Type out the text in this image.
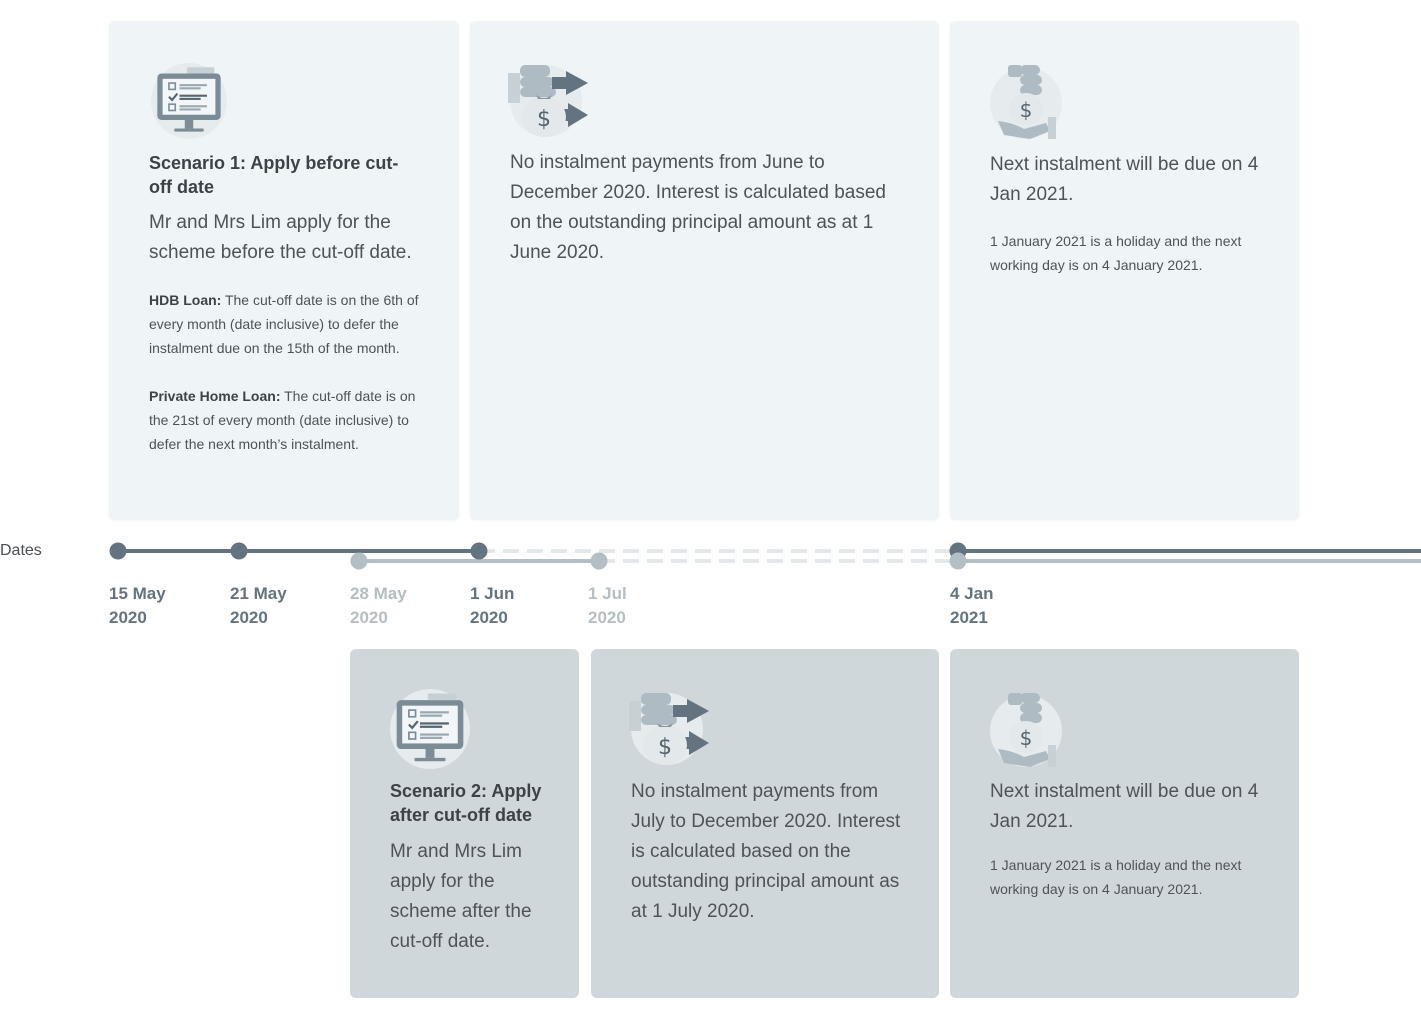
Scenario 1: Apply before cut-off date

Mr and Mrs Lim apply for the scheme before the cut-off date.

HDB Loan: The cut-off date is on the 6th of every month (date inclusive) to defer the instalment due on the 15th of the month.

Private Home Loan: The cut-off date is on the 21st of every month (date inclusive) to defer the next month’s instalment.

No instalment payments from June to December 2020. Interest is calculated based on the outstanding principal amount as at 1 June 2020.

Next instalment will be due on 4 Jan 2021.

1 January 2021 is a holiday and the next working day is on 4 January 2021.

Dates
15 May
2020
21 May
2020
28 May
2020
1 Jun
2020
1 Jul
2020
4 Jan
2021
Scenario 2: Apply after cut-off date

Mr and Mrs Lim apply for the scheme after the cut-off date.

No instalment payments from July to December 2020. Interest is calculated based on the outstanding principal amount as at 1 July 2020.

Next instalment will be due on 4 Jan 2021.

1 January 2021 is a holiday and the next working day is on 4 January 2021.
